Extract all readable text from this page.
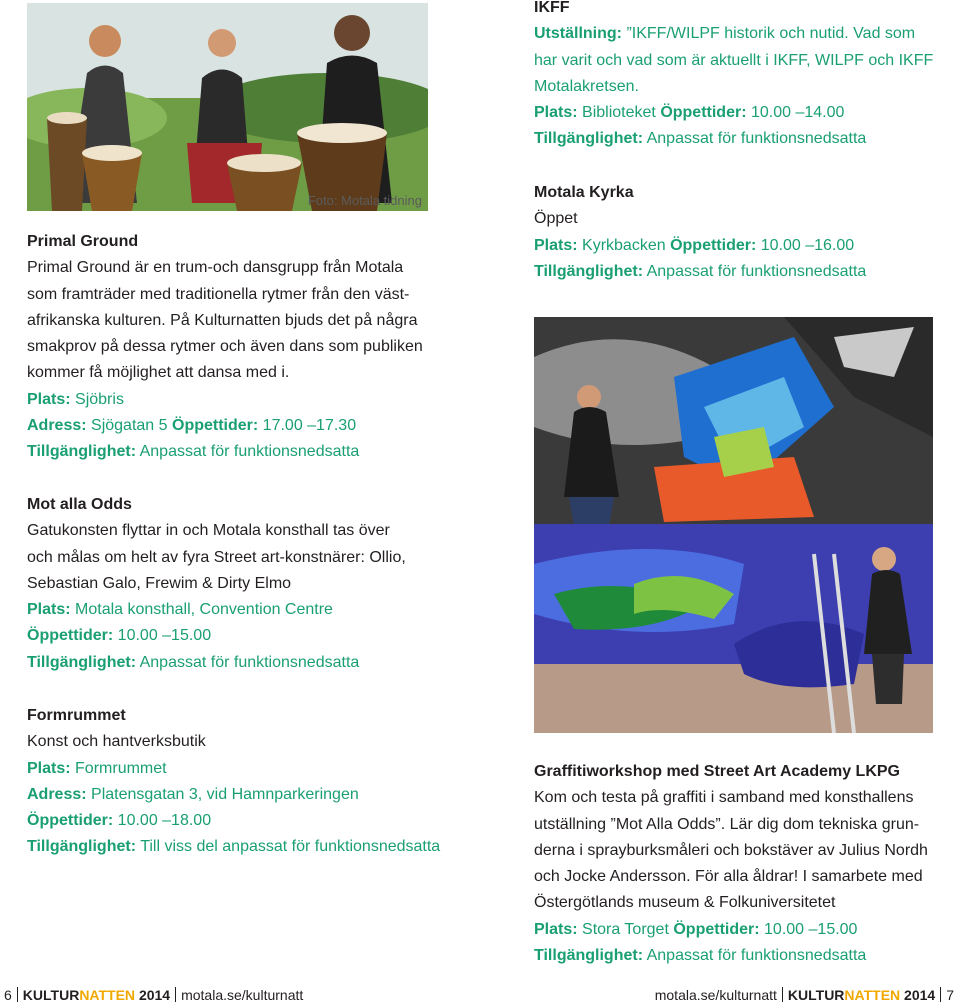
Foto: Motala tidning
Primal Ground
Primal Ground är en trum-och dansgrupp från Motala
som framträder med traditionella rytmer från den väst-
afrikanska kulturen. På Kulturnatten bjuds det på några
smakprov på dessa rytmer och även dans som publiken
kommer få möjlighet att dansa med i.
Plats: Sjöbris
Adress: Sjögatan 5 Öppettider: 17.00 –17.30
Tillgänglighet: Anpassat för funktionsnedsatta
Mot alla Odds
Gatukonsten flyttar in och Motala konsthall tas över
och målas om helt av fyra Street art-konstnärer: Ollio,
Sebastian Galo, Frewim & Dirty Elmo
Plats: Motala konsthall, Convention Centre
Öppettider: 10.00 –15.00
Tillgänglighet: Anpassat för funktionsnedsatta
Formrummet
Konst och hantverksbutik
Plats: Formrummet
Adress: Platensgatan 3, vid Hamnparkeringen
Öppettider: 10.00 –18.00
Tillgänglighet: Till viss del anpassat för funktionsnedsatta
IKFF
Utställning: ”IKFF/WILPF historik och nutid. Vad som
har varit och vad som är aktuellt i IKFF, WILPF och IKFF
Motalakretsen.
Plats: Biblioteket Öppettider: 10.00 –14.00
Tillgänglighet: Anpassat för funktionsnedsatta
Motala Kyrka
Öppet
Plats: Kyrkbacken Öppettider: 10.00 –16.00
Tillgänglighet: Anpassat för funktionsnedsatta
Graffitiworkshop med Street Art Academy LKPG
Kom och testa på graffiti i samband med konsthallens
utställning ”Mot Alla Odds”. Lär dig dom tekniska grun-
derna i sprayburksmåleri och bokstäver av Julius Nordh
och Jocke Andersson. För alla åldrar! I samarbete med
Östergötlands museum & Folkuniversitetet
Plats: Stora Torget Öppettider: 10.00 –15.00
Tillgänglighet: Anpassat för funktionsnedsatta
6 KULTURNATTEN 2014 motala.se/kulturnatt	motala.se/kulturnatt KULTURNATTEN 2014 7
